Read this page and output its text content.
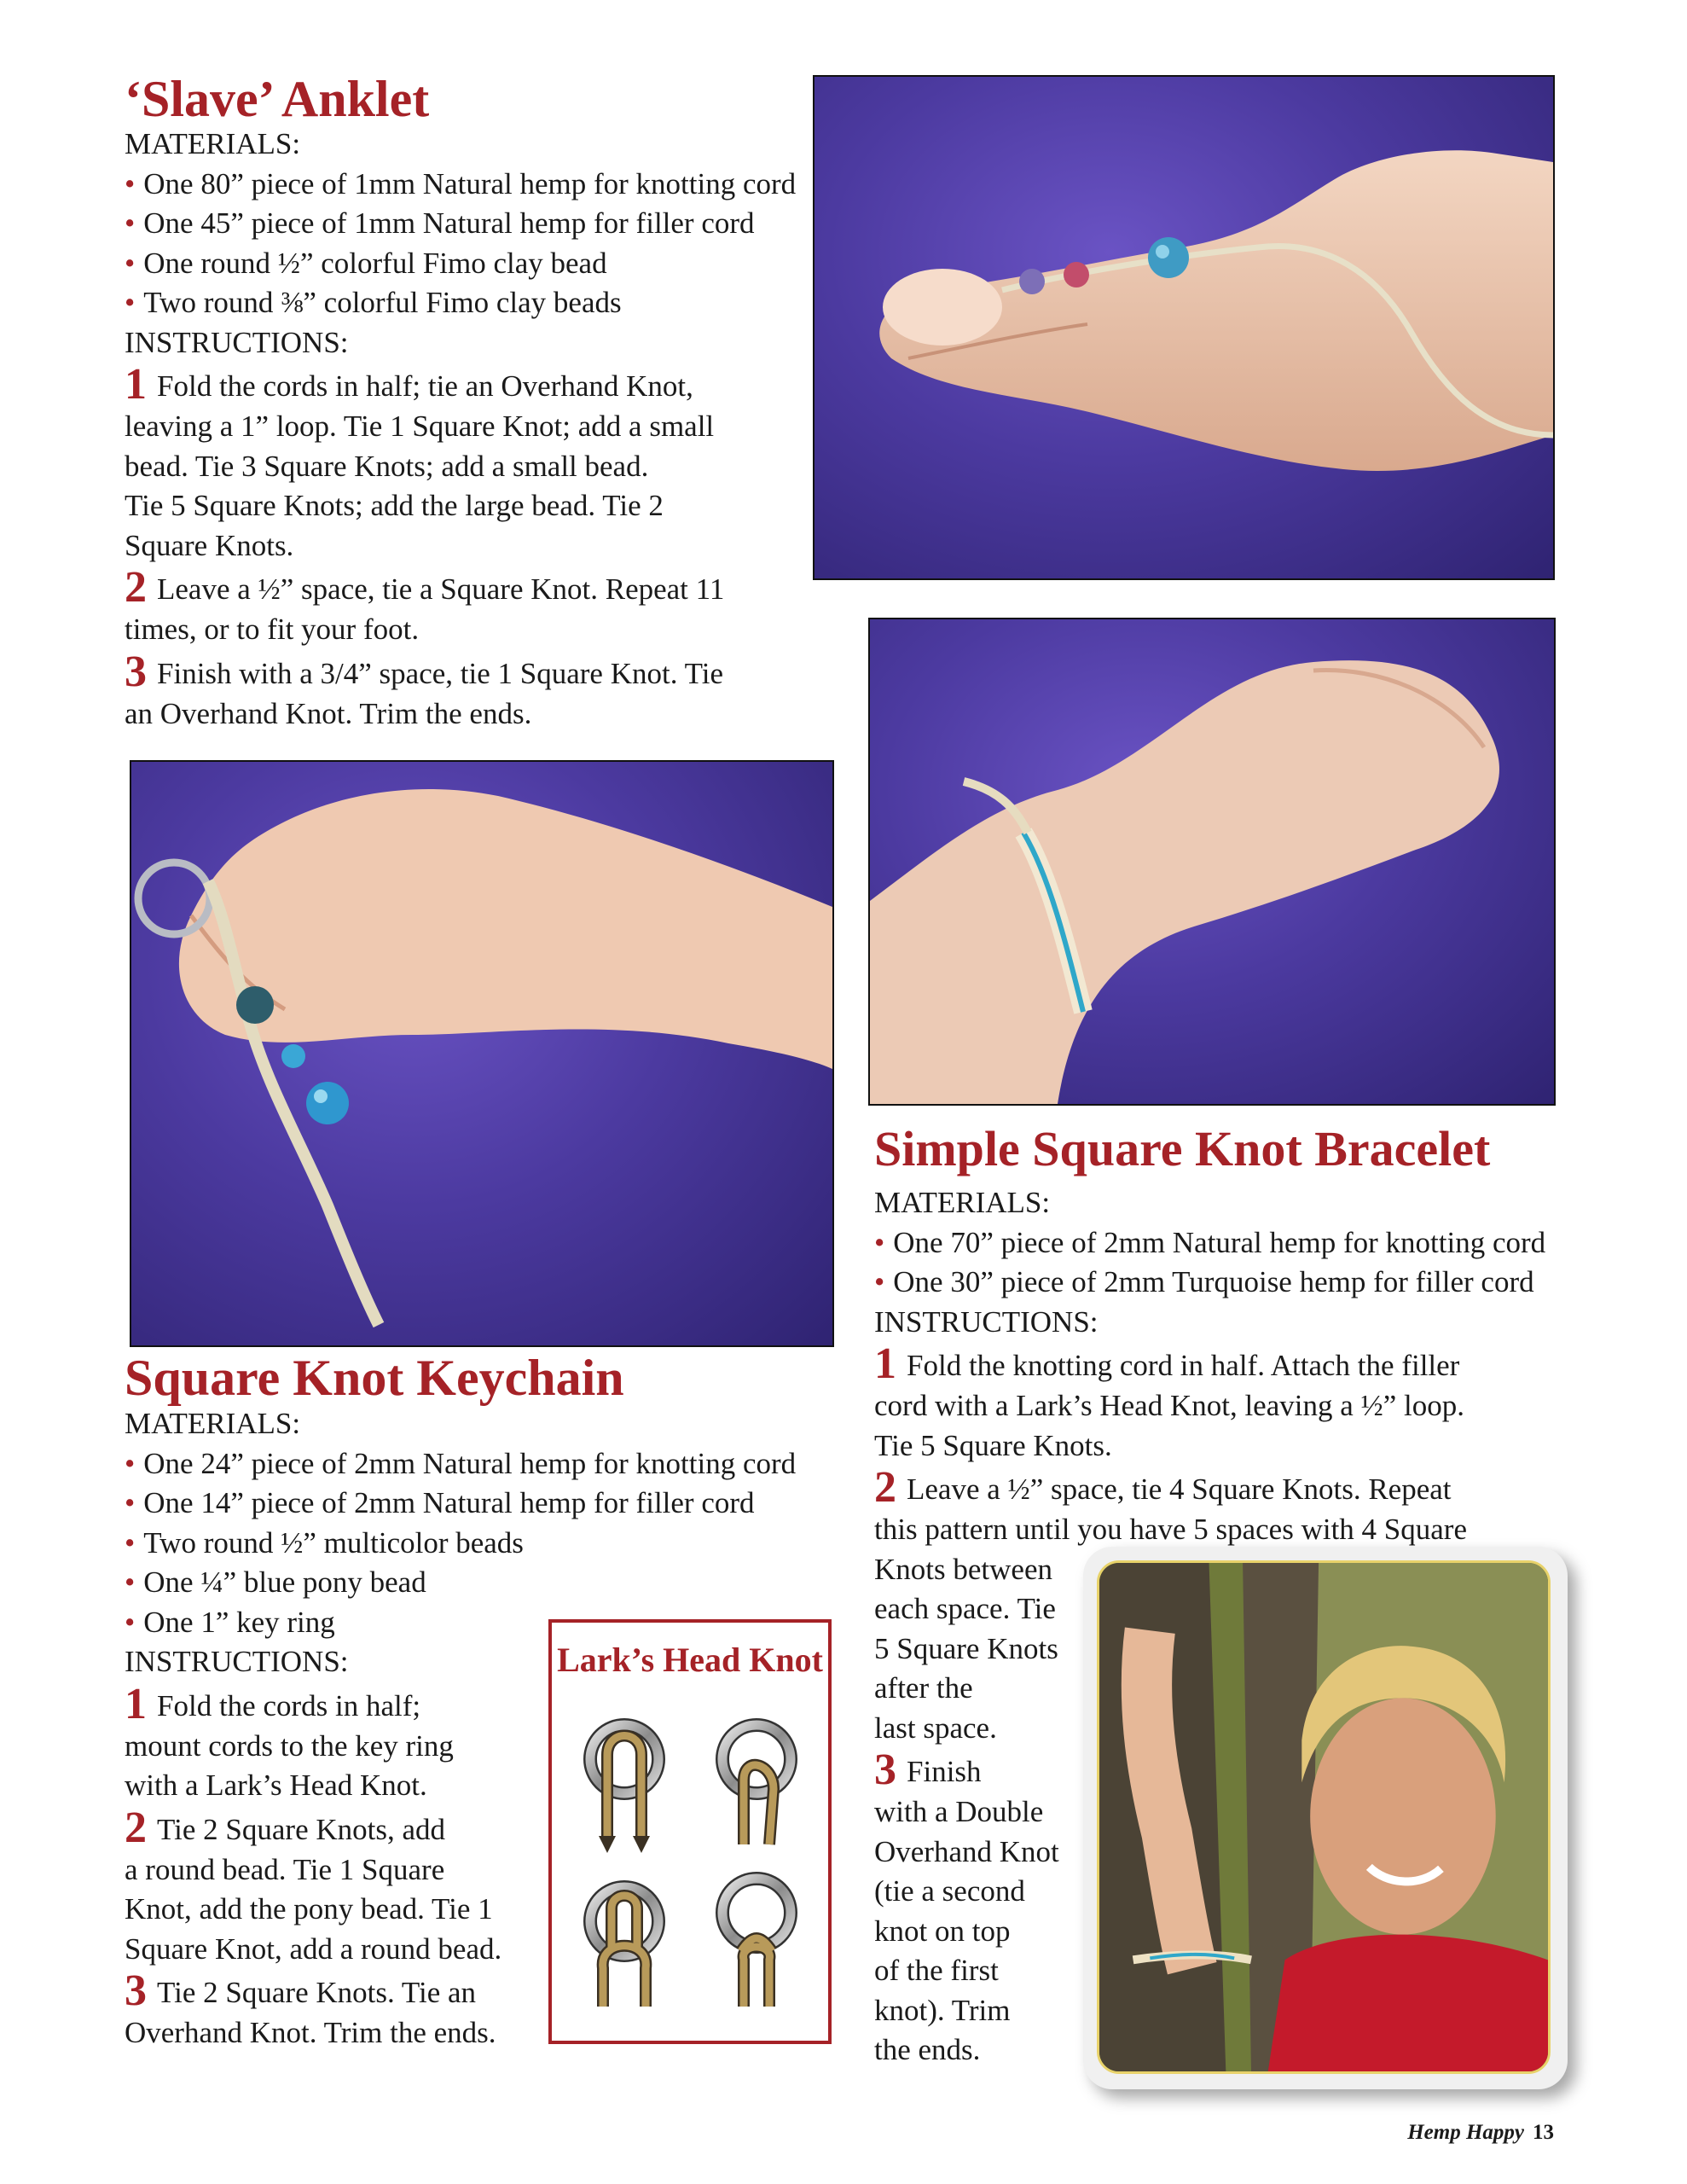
‘Slave’ Anklet
MATERIALS:
• One 80” piece of 1mm Natural hemp for knotting cord
• One 45” piece of 1mm Natural hemp for filler cord
• One round ½” colorful Fimo clay bead
• Two round ⅜” colorful Fimo clay beads
INSTRUCTIONS:
1 Fold the cords in half; tie an Overhand Knot,
leaving a 1” loop. Tie 1 Square Knot; add a small
bead. Tie 3 Square Knots; add a small bead.
Tie 5 Square Knots; add the large bead. Tie 2
Square Knots.
2 Leave a ½” space, tie a Square Knot. Repeat 11
times, or to fit your foot.
3 Finish with a 3/4” space, tie 1 Square Knot. Tie
an Overhand Knot. Trim the ends.
Simple Square Knot Bracelet
MATERIALS:
• One 70” piece of 2mm Natural hemp for knotting cord
• One 30” piece of 2mm Turquoise hemp for filler cord
INSTRUCTIONS:
1 Fold the knotting cord in half. Attach the filler
cord with a Lark’s Head Knot, leaving a ½” loop.
Tie 5 Square Knots.
2 Leave a ½” space, tie 4 Square Knots. Repeat
this pattern until you have 5 spaces with 4 Square
Knots between
each space. Tie
5 Square Knots
after the
last space.
3 Finish
with a Double
Overhand Knot
(tie a second
knot on top
of the first
knot). Trim
the ends.
Square Knot Keychain
MATERIALS:
• One 24” piece of 2mm Natural hemp for knotting cord
• One 14” piece of 2mm Natural hemp for filler cord
• Two round ½” multicolor beads
• One ¼” blue pony bead
• One 1” key ring
INSTRUCTIONS:
1 Fold the cords in half;
mount cords to the key ring
with a Lark’s Head Knot.
2 Tie 2 Square Knots, add
a round bead. Tie 1 Square
Knot, add the pony bead. Tie 1
Square Knot, add a round bead.
3 Tie 2 Square Knots. Tie an
Overhand Knot. Trim the ends.
Lark’s Head Knot
Hemp Happy 13
